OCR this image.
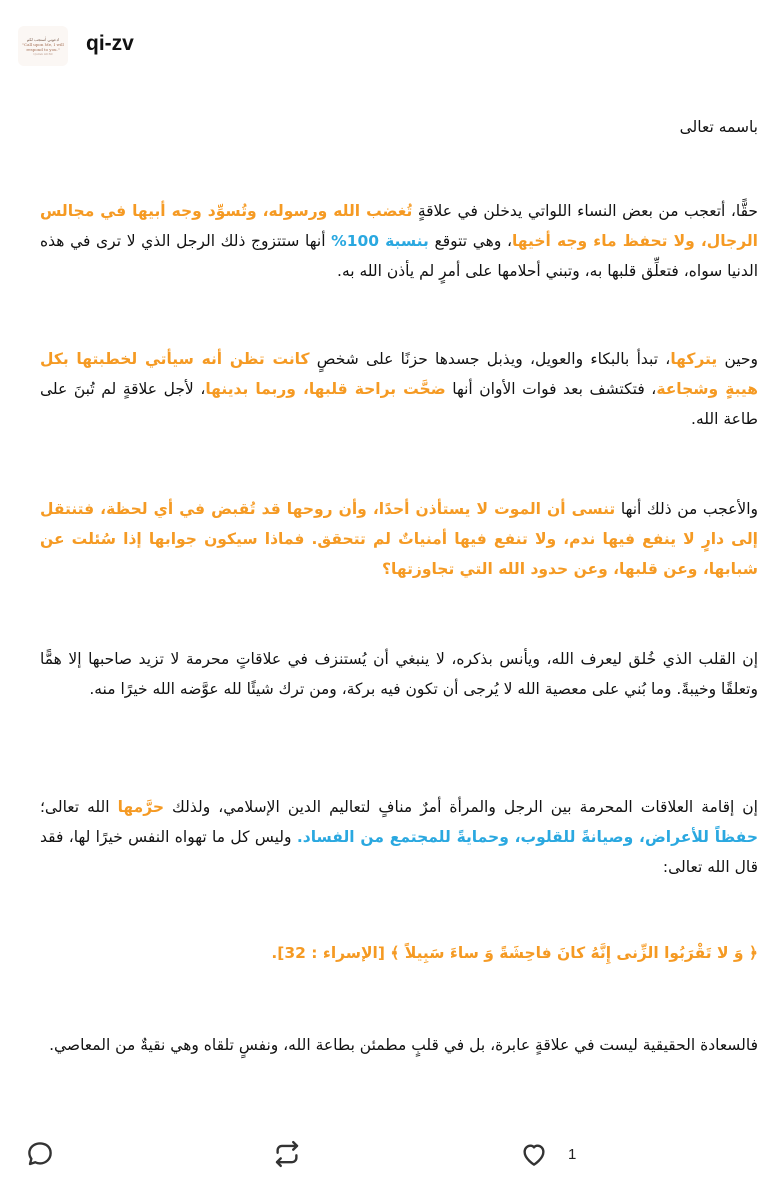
ادعوني أستجب لكم
"Call upon Me, I will respond to you."
Quran 40:60 qi-zv

باسمه تعالى

حقًّا، أتعجب من بعض النساء اللواتي يدخلن في علاقةٍ تُغضب الله ورسوله، وتُسوِّد وجه أبيها في مجالس الرجال، ولا تحفظ ماء وجه أخيها، وهي تتوقع بنسبة 100% أنها ستتزوج ذلك الرجل الذي لا ترى في هذه الدنيا سواه، فتعلِّق قلبها به، وتبني أحلامها على أمرٍ لم يأذن الله به.

وحين يتركها، تبدأ بالبكاء والعويل، ويذبل جسدها حزنًا على شخصٍ كانت تظن أنه سيأتي لخطبتها بكل هيبةٍ وشجاعة، فتكتشف بعد فوات الأوان أنها ضحَّت براحة قلبها، وربما بدينها، لأجل علاقةٍ لم تُبنَ على طاعة الله.

والأعجب من ذلك أنها تنسى أن الموت لا يستأذن أحدًا، وأن روحها قد تُقبض في أي لحظة، فتنتقل إلى دارٍ لا ينفع فيها ندم، ولا تنفع فيها أمنياتٌ لم تتحقق. فماذا سيكون جوابها إذا سُئلت عن شبابها، وعن قلبها، وعن حدود الله التي تجاوزتها؟

إن القلب الذي خُلق ليعرف الله، ويأنس بذكره، لا ينبغي أن يُستنزف في علاقاتٍ محرمة لا تزيد صاحبها إلا همًّا وتعلقًا وخيبةً. وما بُني على معصية الله لا يُرجى أن تكون فيه بركة، ومن ترك شيئًا لله عوَّضه الله خيرًا منه.

إن إقامة العلاقات المحرمة بين الرجل والمرأة أمرٌ منافٍ لتعاليم الدين الإسلامي، ولذلك حرَّمها الله تعالى؛ حفظاً للأعراض، وصيانةً للقلوب، وحمايةً للمجتمع من الفساد. وليس كل ما تهواه النفس خيرًا لها، فقد قال الله تعالى:

﴿ وَ لا تَقْرَبُوا الزِّنى إِنَّهُ كانَ فاحِشَةً وَ ساءَ سَبِيلاً ﴾ [الإسراء : 32].

فالسعادة الحقيقية ليست في علاقةٍ عابرة، بل في قلبٍ مطمئن بطاعة الله، ونفسٍ تلقاه وهي نقيةٌ من المعاصي.

1
